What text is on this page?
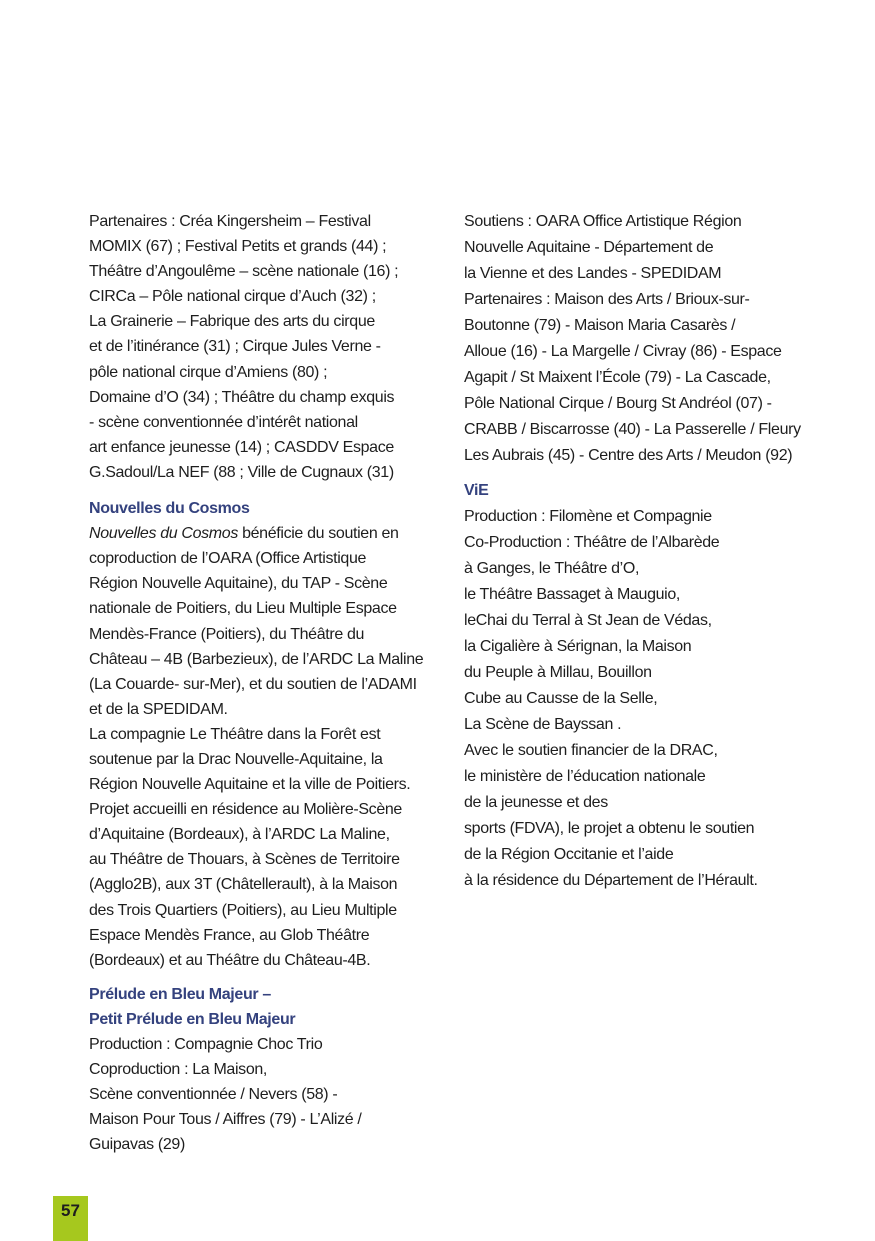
Partenaires : Créa Kingersheim – Festival
MOMIX (67) ; Festival Petits et grands (44) ;
Théâtre d’Angoulême – scène nationale (16) ;
CIRCa – Pôle national cirque d’Auch (32) ;
La Grainerie – Fabrique des arts du cirque
et de l’itinérance (31) ; Cirque Jules Verne -
pôle national cirque d’Amiens (80) ;
Domaine d’O (34) ; Théâtre du champ exquis
- scène conventionnée d’intérêt national
art enfance jeunesse (14) ; CASDDV Espace
G.Sadoul/La NEF (88 ; Ville de Cugnaux (31)
Nouvelles du Cosmos
Nouvelles du Cosmos bénéficie du soutien en
coproduction de l’OARA (Office Artistique
Région Nouvelle Aquitaine), du TAP - Scène
nationale de Poitiers, du Lieu Multiple Espace
Mendès-France (Poitiers), du Théâtre du
Château – 4B (Barbezieux), de l’ARDC La Maline
(La Couarde- sur-Mer), et du soutien de l’ADAMI
et de la SPEDIDAM.
La compagnie Le Théâtre dans la Forêt est
soutenue par la Drac Nouvelle-Aquitaine, la
Région Nouvelle Aquitaine et la ville de Poitiers.
Projet accueilli en résidence au Molière-Scène
d’Aquitaine (Bordeaux), à l’ARDC La Maline,
au Théâtre de Thouars, à Scènes de Territoire
(Agglo2B), aux 3T (Châtellerault), à la Maison
des Trois Quartiers (Poitiers), au Lieu Multiple
Espace Mendès France, au Glob Théâtre
(Bordeaux) et au Théâtre du Château-4B.
Prélude en Bleu Majeur –
Petit Prélude en Bleu Majeur
Production : Compagnie Choc Trio
Coproduction : La Maison,
Scène conventionnée / Nevers (58) -
Maison Pour Tous / Aiffres (79) - L’Alizé /
Guipavas (29)
Soutiens : OARA Office Artistique Région
Nouvelle Aquitaine - Département de
la Vienne et des Landes - SPEDIDAM
Partenaires : Maison des Arts / Brioux-sur-
Boutonne (79) - Maison Maria Casarès /
Alloue (16) - La Margelle / Civray (86) - Espace
Agapit / St Maixent l’École (79) - La Cascade,
Pôle National Cirque / Bourg St Andréol (07) -
CRABB / Biscarrosse (40) - La Passerelle / Fleury
Les Aubrais (45) - Centre des Arts / Meudon (92)
ViE
Production : Filomène et Compagnie
Co-Production : Théâtre de l’Albarède
à Ganges, le Théâtre d’O,
le Théâtre Bassaget à Mauguio,
leChai du Terral à St Jean de Védas,
la Cigalière à Sérignan, la Maison
du Peuple à Millau, Bouillon
Cube au Causse de la Selle,
La Scène de Bayssan .
Avec le soutien financier de la DRAC,
le ministère de l’éducation nationale
de la jeunesse et des
sports (FDVA), le projet a obtenu le soutien
de la Région Occitanie et l’aide
à la résidence du Département de l’Hérault.
57
